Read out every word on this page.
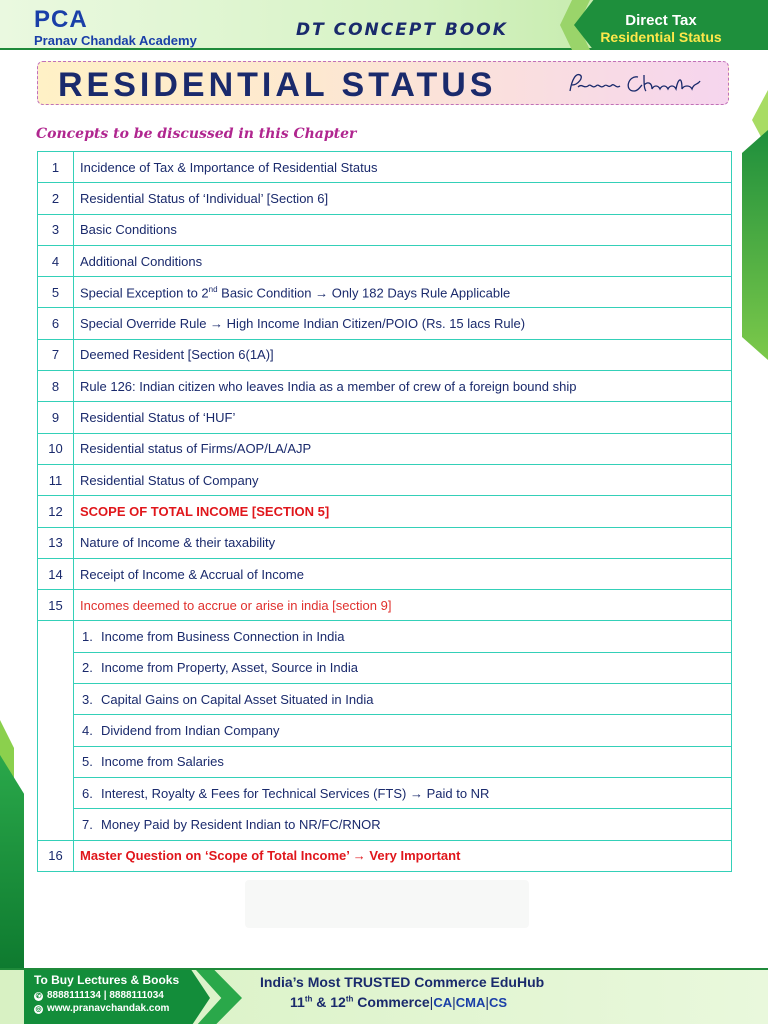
PCA
Pranav Chandak Academy
DT CONCEPT BOOK	Direct Tax
Residential Status
RESIDENTIAL STATUS
Concepts to be discussed in this Chapter
1	Incidence of Tax & Importance of Residential Status
2	Residential Status of ‘Individual’ [Section 6]
3	Basic Conditions
4	Additional Conditions
5	Special Exception to 2nd Basic Condition → Only 182 Days Rule Applicable
6	Special Override Rule → High Income Indian Citizen/POIO (Rs. 15 lacs Rule)
7	Deemed Resident [Section 6(1A)]
8	Rule 126: Indian citizen who leaves India as a member of crew of a foreign bound ship
9	Residential Status of ‘HUF’
10	Residential status of Firms/AOP/LA/AJP
11	Residential Status of Company
12	SCOPE OF TOTAL INCOME [SECTION 5]
13	Nature of Income & their taxability
14	Receipt of Income & Accrual of Income
15	Incomes deemed to accrue or arise in india [section 9]
	1. Income from Business Connection in India
	2. Income from Property, Asset, Source in India
	3. Capital Gains on Capital Asset Situated in India
	4. Dividend from Indian Company
	5. Income from Salaries
	6. Interest, Royalty & Fees for Technical Services (FTS) → Paid to NR
	7. Money Paid by Resident Indian to NR/FC/RNOR
16	Master Question on ‘Scope of Total Income’ → Very Important
To Buy Lectures & Books
✆ 8888111134 | 8888111034
◎ www.pranavchandak.com
India’s Most TRUSTED Commerce EduHub
11th & 12th Commerce|CA|CMA|CS
